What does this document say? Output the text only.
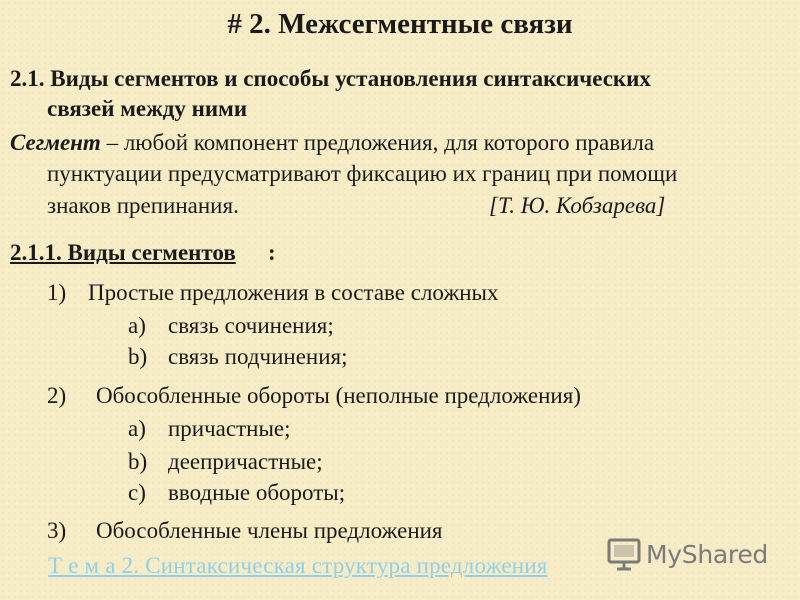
# 2. Межсегментные связи
2.1. Виды сегментов и способы установления синтаксических
связей между ними
Сегмент – любой компонент предложения, для которого правила
пунктуации предусматривают фиксацию их границ при помощи
знаков препинания.	[Т. Ю. Кобзарева]
2.1.1. Виды сегментов :
1) Простые предложения в составе сложных
a) связь сочинения;
b) связь подчинения;
2) Обособленные обороты (неполные предложения)
a) причастные;
b) деепричастные;
c) вводные обороты;
3) Обособленные члены предложения
Т е м а 2. Синтаксическая структура предложения	MyShared
